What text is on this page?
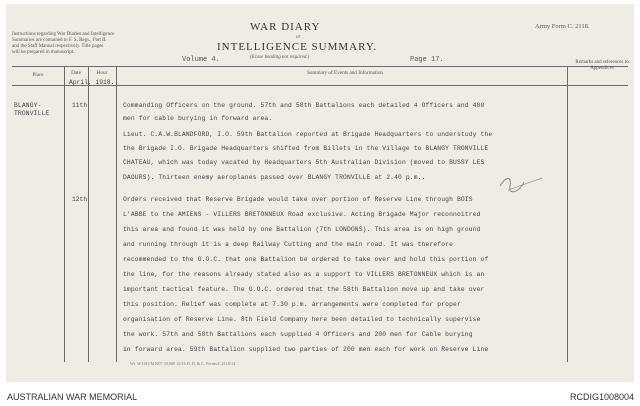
Instructions regarding War Diaries and Intelligence
Summaries are contained in F. S. Regs., Part II.
and the Staff Manual respectively. Title pages
will be prepared in manuscript.
WAR DIARY
or
INTELLIGENCE SUMMARY.
(Erase heading not required.)
Army Form C. 2118.
Volume 4.	Page 17.
Place	Date	Hour	Summary of Events and Information
Remarks and references to Appendices
April, 1918.
BLANGY-
TRONVILLE
11th	Commanding Officers on the ground. 57th and 58th Battalions each detailed 4 Officers and 400
men for cable burying in forward area.
Lieut. C.A.W.BLANDFORD, I.O. 59th Battalion reported at Brigade Headquarters to understudy the
the Brigade I.O. Brigade Headquarters shifted from Billets in the Village to BLANGY TRONVILLE
CHATEAU, which was today vacated by Headquarters 5th Australian Division (moved to BUSSY LES
DAOURS). Thirteen enemy aeroplanes passed over BLANGY TRONVILLE at 2.40 p.m..
12th	Orders received that Reserve Brigade would take over portion of Reserve Line through BOIS
L'ABBE to the AMIENS - VILLERS BRETONNEUX Road exclusive. Acting Brigade Major reconnoitred
this area and found it was held by one Battalion (7th LONDONS). This area is on high ground
and running through it is a deep Railway Cutting and the main road. It was therefore
recommended to the G.O.C. that one Battalion be ordered to take over and hold this portion of
the line, for the reasons already stated also as a support to VILLERS BRETONNEUX which is an
important tactical feature. The G.O.C. ordered that the 58th Battalion move up and take over
this position. Relief was complete at 7.30 p.m. arrangements were completed for proper
organisation of Reserve Line. 8th Field Company here been detailed to technically supervise
the work. 57th and 58th Battalions each supplied 4 Officers and 200 men for Cable burying
in forward area. 59th Battalion supplied two parties of 200 men each for work on Reserve Line
Wt. W1181/M1007 30,000 12/16 D. D. & L. Forms/C.2118/14.
AUSTRALIAN WAR MEMORIAL	RCDIG1008004
